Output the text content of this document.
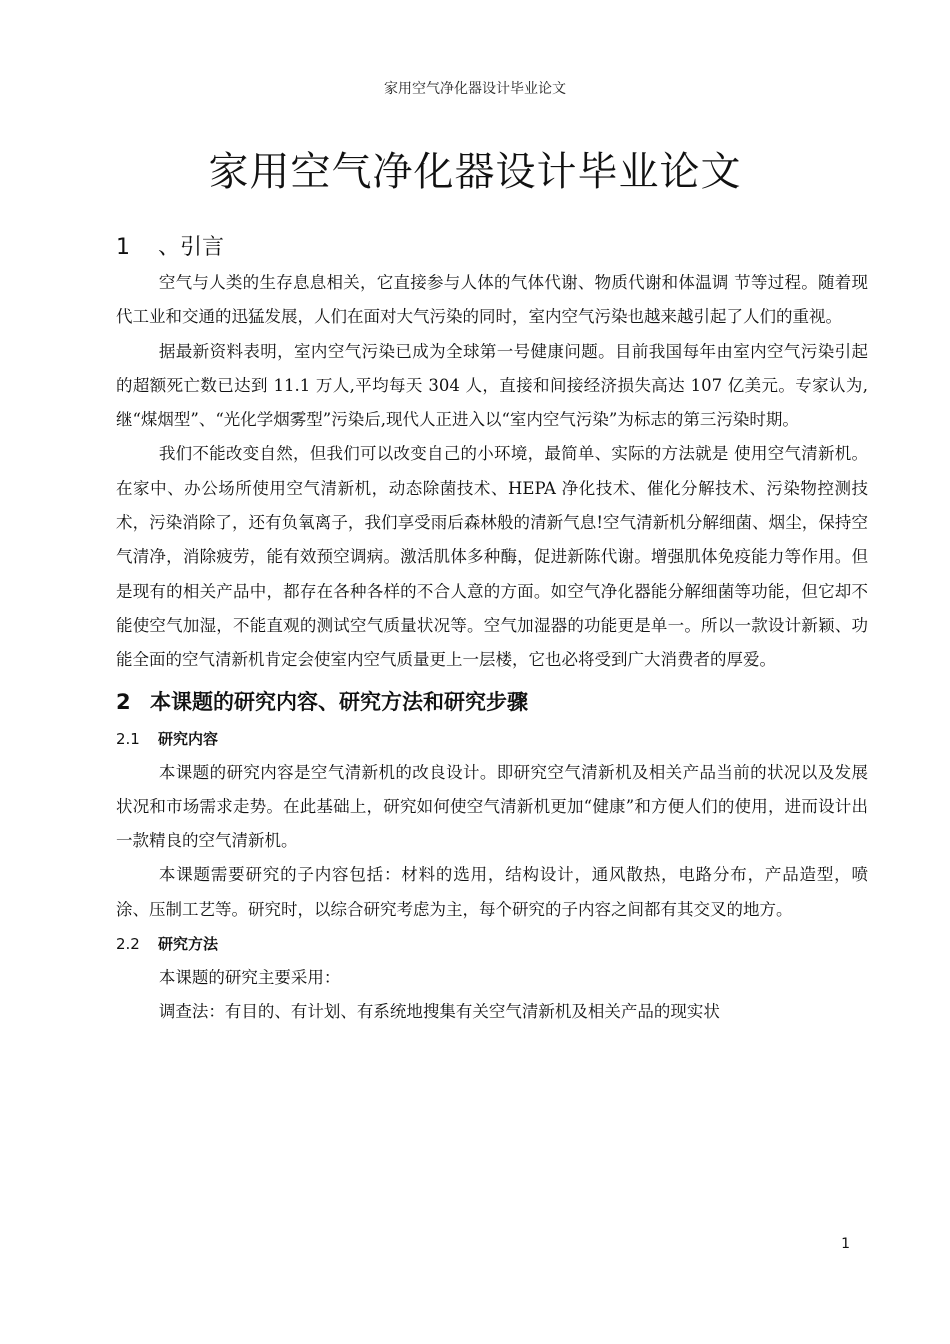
家用空气净化器设计毕业论文
家用空气净化器设计毕业论文
1 、引言

空气与人类的生存息息相关，它直接参与人体的气体代谢、物质代谢和体温调 节等过程。随着现代工业和交通的迅猛发展，人们在面对大气污染的同时，室内空气污染也越来越引起了人们的重视。

据最新资料表明，室内空气污染已成为全球第一号健康问题。目前我国每年由室内空气污染引起的超额死亡数已达到 11.1 万人,平均每天 304 人，直接和间接经济损失高达 107 亿美元。专家认为,继“煤烟型”、“光化学烟雾型”污染后,现代人正进入以“室内空气污染”为标志的第三污染时期。

我们不能改变自然，但我们可以改变自己的小环境，最简单、实际的方法就是 使用空气清新机。在家中、办公场所使用空气清新机，动态除菌技术、HEPA 净化技术、催化分解技术、污染物控测技术，污染消除了，还有负氧离子，我们享受雨后森林般的清新气息!空气清新机分解细菌、烟尘，保持空气清净，消除疲劳，能有效预空调病。激活肌体多种酶，促进新陈代谢。增强肌体免疫能力等作用。但是现有的相关产品中，都存在各种各样的不合人意的方面。如空气净化器能分解细菌等功能，但它却不能使空气加湿，不能直观的测试空气质量状况等。空气加湿器的功能更是单一。所以一款设计新颖、功能全面的空气清新机肯定会使室内空气质量更上一层楼，它也必将受到广大消费者的厚爱。

2 本课题的研究内容、研究方法和研究步骤
2.1 研究内容

本课题的研究内容是空气清新机的改良设计。即研究空气清新机及相关产品当前的状况以及发展状况和市场需求走势。在此基础上，研究如何使空气清新机更加“健康”和方便人们的使用，进而设计出一款精良的空气清新机。

本课题需要研究的子内容包括：材料的选用，结构设计，通风散热，电路分布，产品造型，喷涂、压制工艺等。研究时，以综合研究考虑为主，每个研究的子内容之间都有其交叉的地方。

2.2 研究方法

本课题的研究主要采用：

调查法：有目的、有计划、有系统地搜集有关空气清新机及相关产品的现实状

1
